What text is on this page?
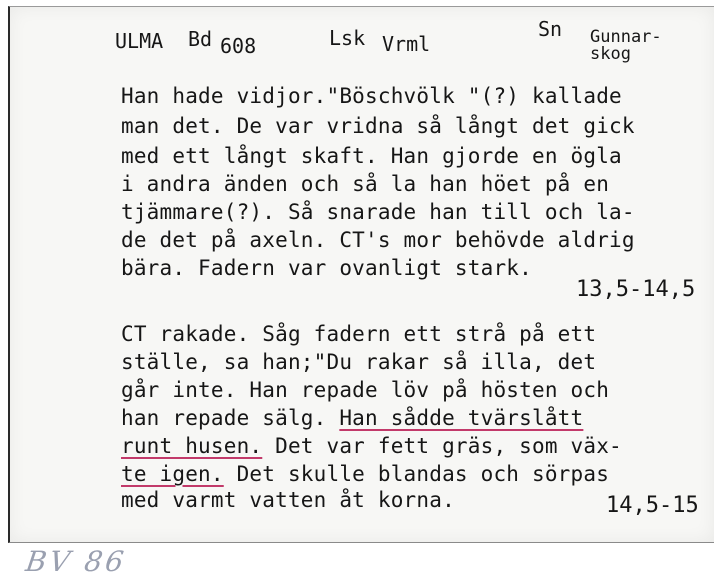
ULMA Bd 608	Lsk Vrml
Sn Gunnar-
skog
Han hade vidjor."Böschvölk "(?) kallade
man det. De var vridna så långt det gick
med ett långt skaft. Han gjorde en ögla
i andra änden och så la han höet på en
tjämmare(?). Så snarade han till och la-
de det på axeln. CT's mor behövde aldrig
bära. Fadern var ovanligt stark.
13,5-14,5
CT rakade. Såg fadern ett strå på ett
ställe, sa han;"Du rakar så illa, det
går inte. Han repade löv på hösten och
han repade sälg. Han sådde tvärslått
runt husen. Det var fett gräs, som väx-
te igen. Det skulle blandas och sörpas
med varmt vatten åt korna.	14,5-15
BV 86
